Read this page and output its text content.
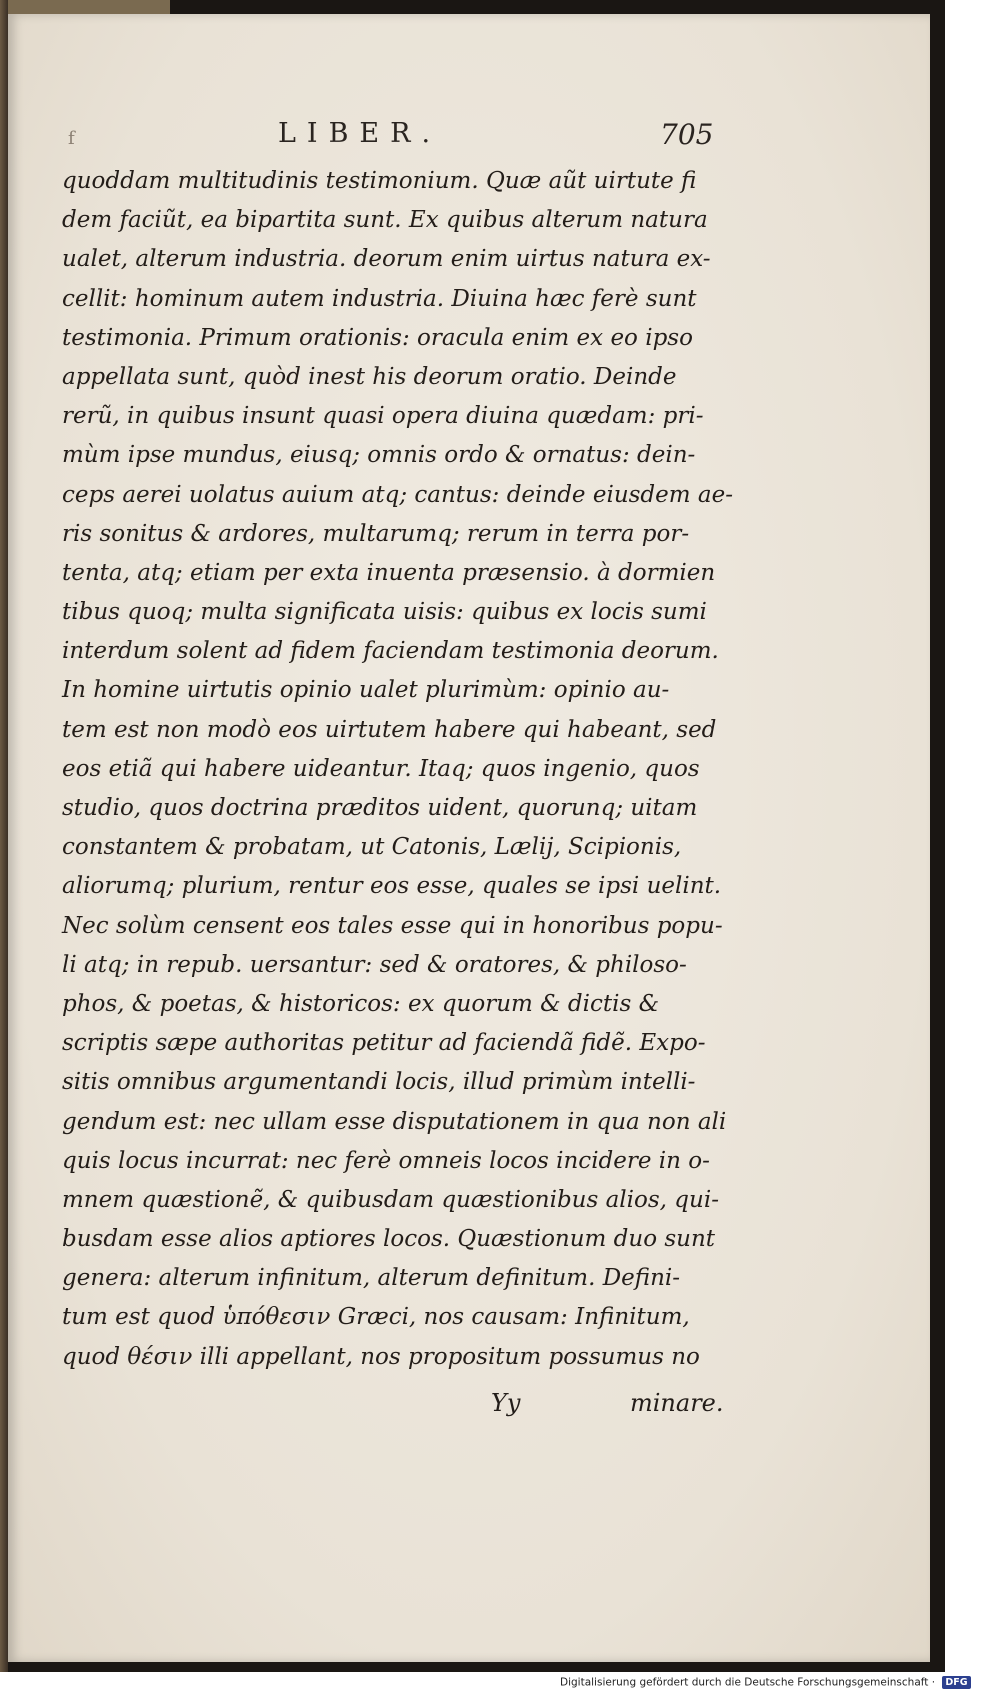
f	LIBER.	705
quoddam multitudinis testimonium. Quæ aũt uirtute fi
dem faciũt, ea bipartita sunt. Ex quibus alterum natura
ualet, alterum industria. deorum enim uirtus natura ex-
cellit: hominum autem industria. Diuina hæc ferè sunt
testimonia. Primum orationis: oracula enim ex eo ipso
appellata sunt, quòd inest his deorum oratio. Deinde
rerũ, in quibus insunt quasi opera diuina quædam: pri-
mùm ipse mundus, eiusq; omnis ordo & ornatus: dein-
ceps aerei uolatus auium atq; cantus: deinde eiusdem ae-
ris sonitus & ardores, multarumq; rerum in terra por-
tenta, atq; etiam per exta inuenta præsensio. à dormien
tibus quoq; multa significata uisis: quibus ex locis sumi
interdum solent ad fidem faciendam testimonia deorum.
In homine uirtutis opinio ualet plurimùm: opinio au-
tem est non modò eos uirtutem habere qui habeant, sed
eos etiã qui habere uideantur. Itaq; quos ingenio, quos
studio, quos doctrina præditos uident, quorunq; uitam
constantem & probatam, ut Catonis, Lælij, Scipionis,
aliorumq; plurium, rentur eos esse, quales se ipsi uelint.
Nec solùm censent eos tales esse qui in honoribus popu-
li atq; in repub. uersantur: sed & oratores, & philoso-
phos, & poetas, & historicos: ex quorum & dictis &
scriptis sæpe authoritas petitur ad faciendã fidẽ. Expo-
sitis omnibus argumentandi locis, illud primùm intelli-
gendum est: nec ullam esse disputationem in qua non ali
quis locus incurrat: nec ferè omneis locos incidere in o-
mnem quæstionẽ, & quibusdam quæstionibus alios, qui-
busdam esse alios aptiores locos. Quæstionum duo sunt
genera: alterum infinitum, alterum definitum. Defini-
tum est quod ὑπόθεσιν Græci, nos causam: Infinitum,
quod θέσιν illi appellant, nos propositum possumus no
Yy	minare.
Digitalisierung gefördert durch die Deutsche Forschungsgemeinschaft · DFG
